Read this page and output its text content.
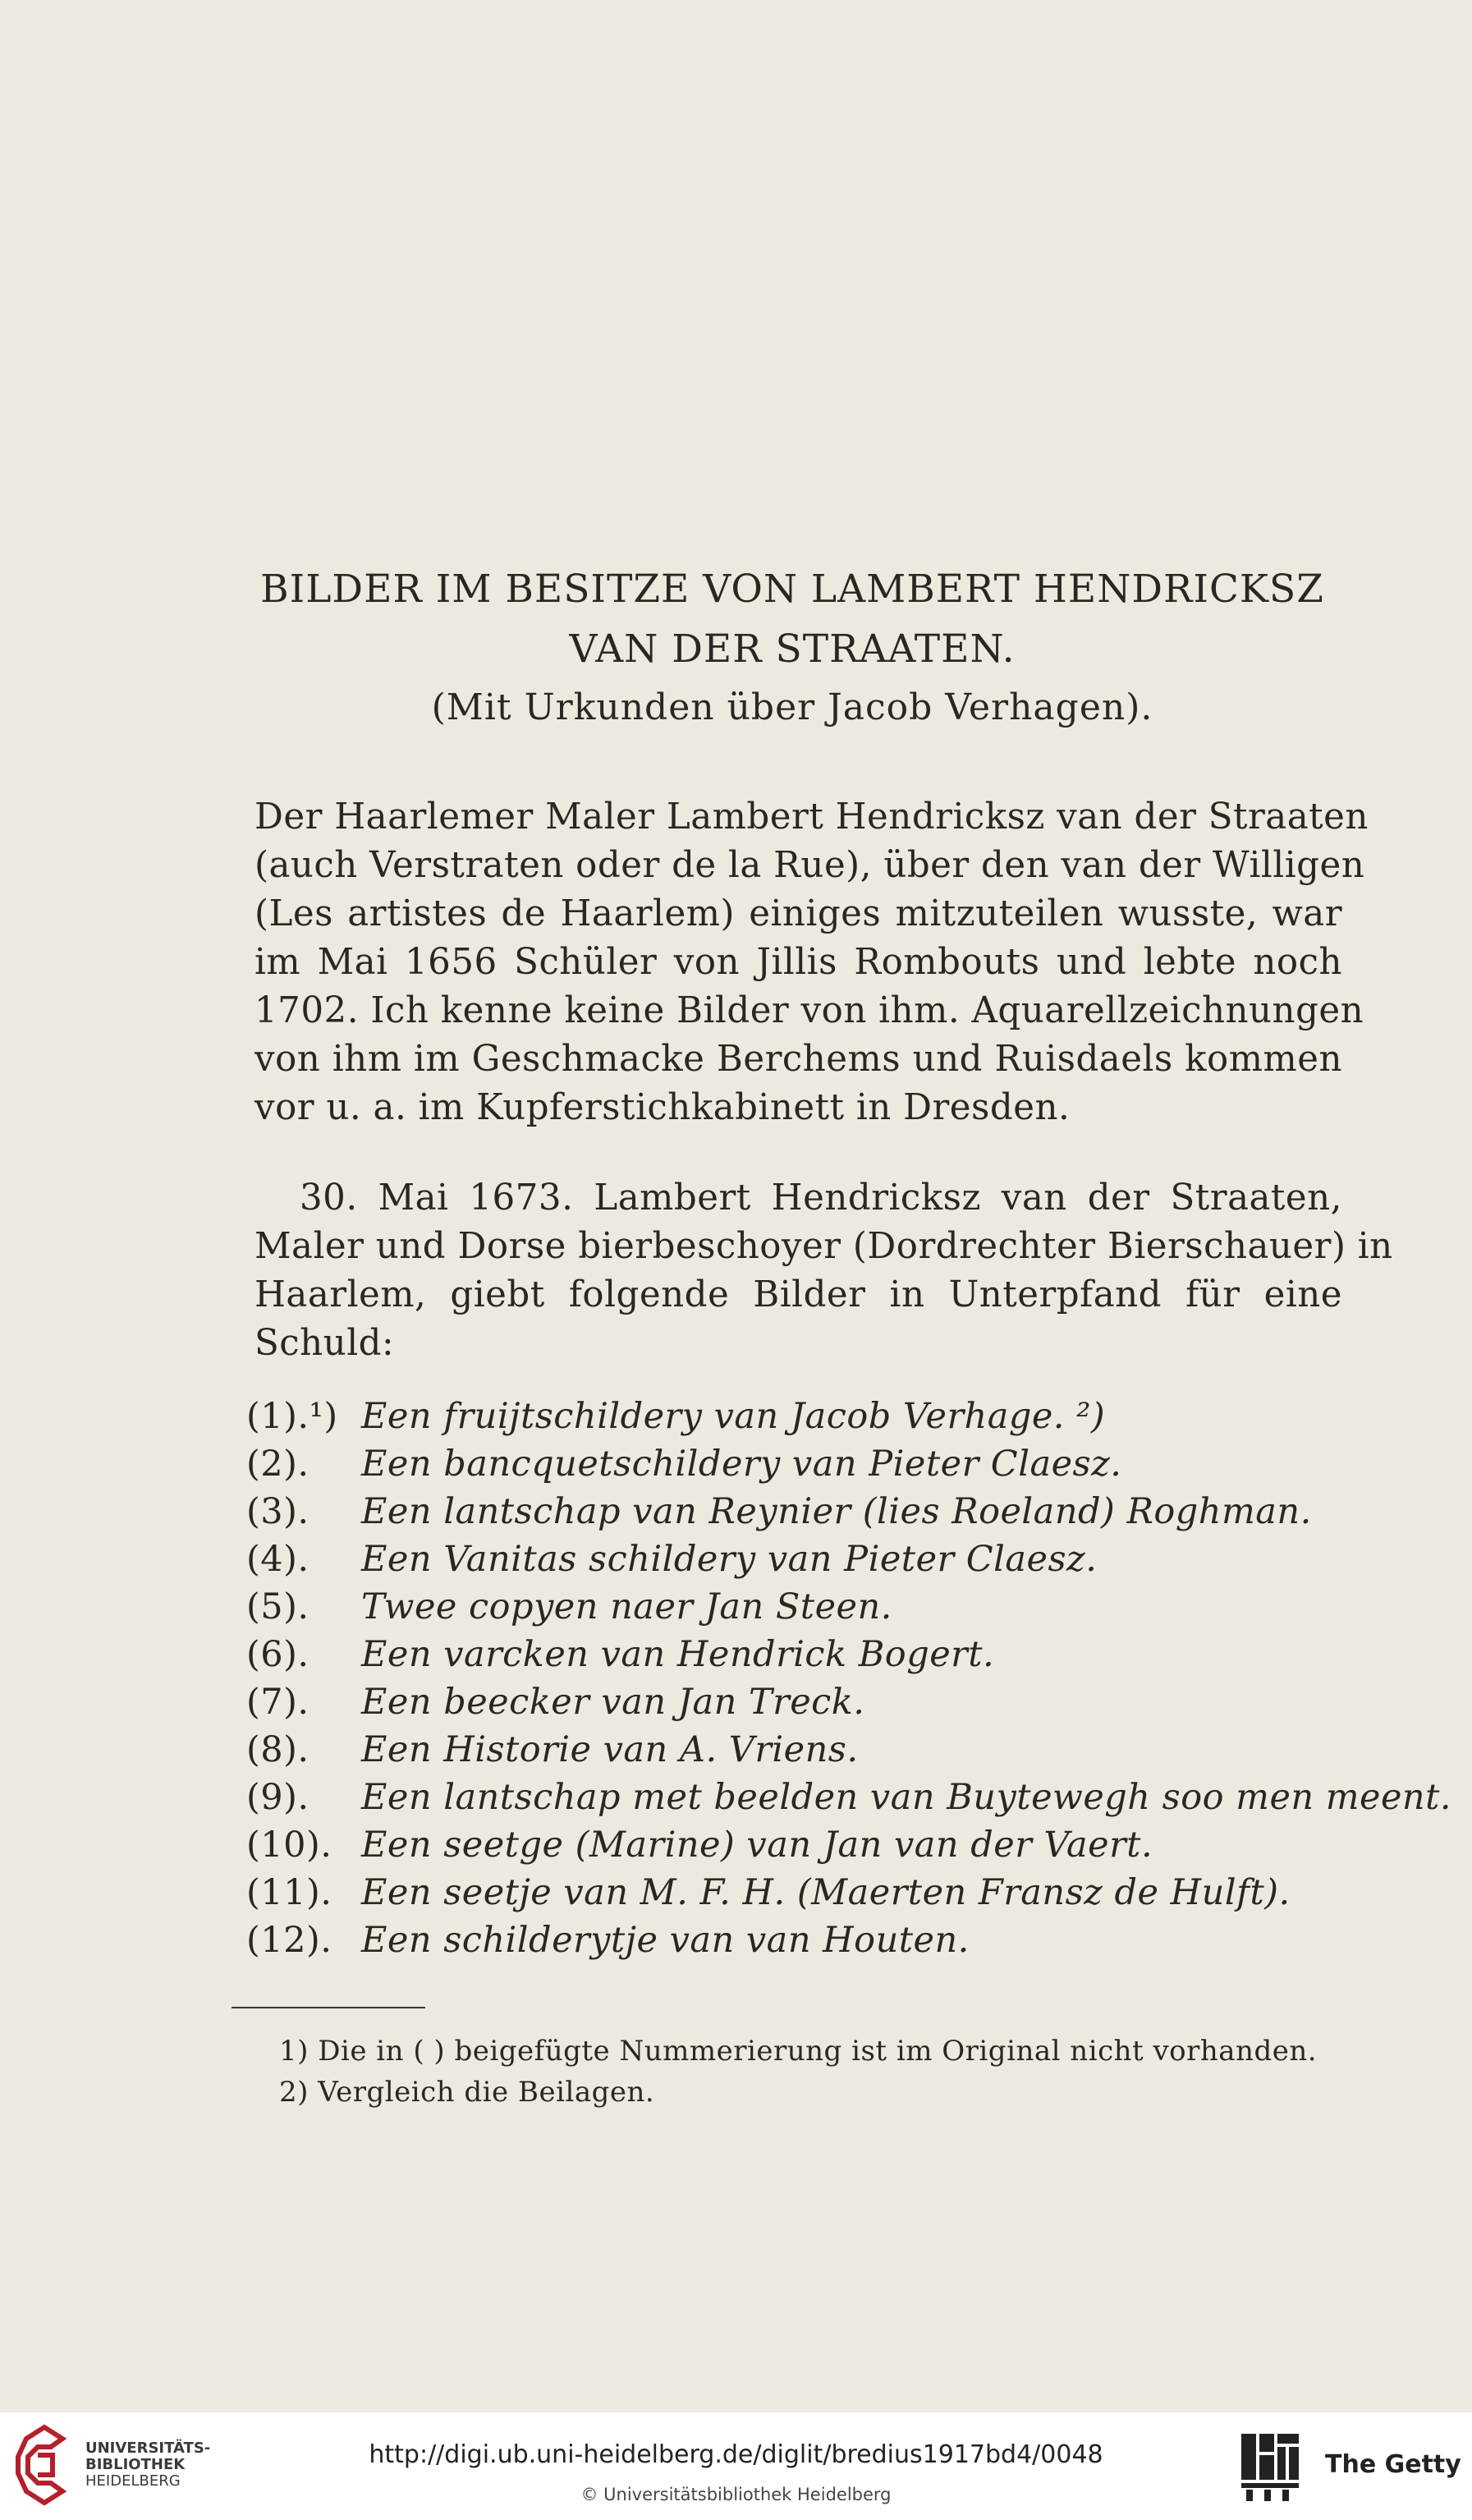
BILDER IM BESITZE VON LAMBERT HENDRICKSZ
VAN DER STRAATEN.
(Mit Urkunden über Jacob Verhagen).
Der Haarlemer Maler Lambert Hendricksz van der Straaten
(auch Verstraten oder de la Rue), über den van der Willigen
(Les artistes de Haarlem) einiges mitzuteilen wusste, war
im Mai 1656 Schüler von Jillis Rombouts und lebte noch
1702. Ich kenne keine Bilder von ihm. Aquarellzeichnungen
von ihm im Geschmacke Berchems und Ruisdaels kommen
vor u. a. im Kupferstichkabinett in Dresden.
30. Mai 1673. Lambert Hendricksz van der Straaten,
Maler und Dorse bierbeschoyer (Dordrechter Bierschauer) in
Haarlem, giebt folgende Bilder in Unterpfand für eine
Schuld:
(1).¹) Een fruijtschildery van Jacob Verhage. ²)
(2). Een bancquetschildery van Pieter Claesz.
(3). Een lantschap van Reynier (lies Roeland) Roghman.
(4). Een Vanitas schildery van Pieter Claesz.
(5). Twee copyen naer Jan Steen.
(6). Een varcken van Hendrick Bogert.
(7). Een beecker van Jan Treck.
(8). Een Historie van A. Vriens.
(9). Een lantschap met beelden van Buytewegh soo men meent.
(10). Een seetge (Marine) van Jan van der Vaert.
(11). Een seetje van M. F. H. (Maerten Fransz de Hulft).
(12). Een schilderytje van van Houten.
1) Die in ( ) beigefügte Nummerierung ist im Original nicht vorhanden.
2) Vergleich die Beilagen.
UNIVERSITÄTS-
BIBLIOTHEK
HEIDELBERG
http://digi.ub.uni-heidelberg.de/diglit/bredius1917bd4/0048
© Universitätsbibliothek Heidelberg
The Getty
